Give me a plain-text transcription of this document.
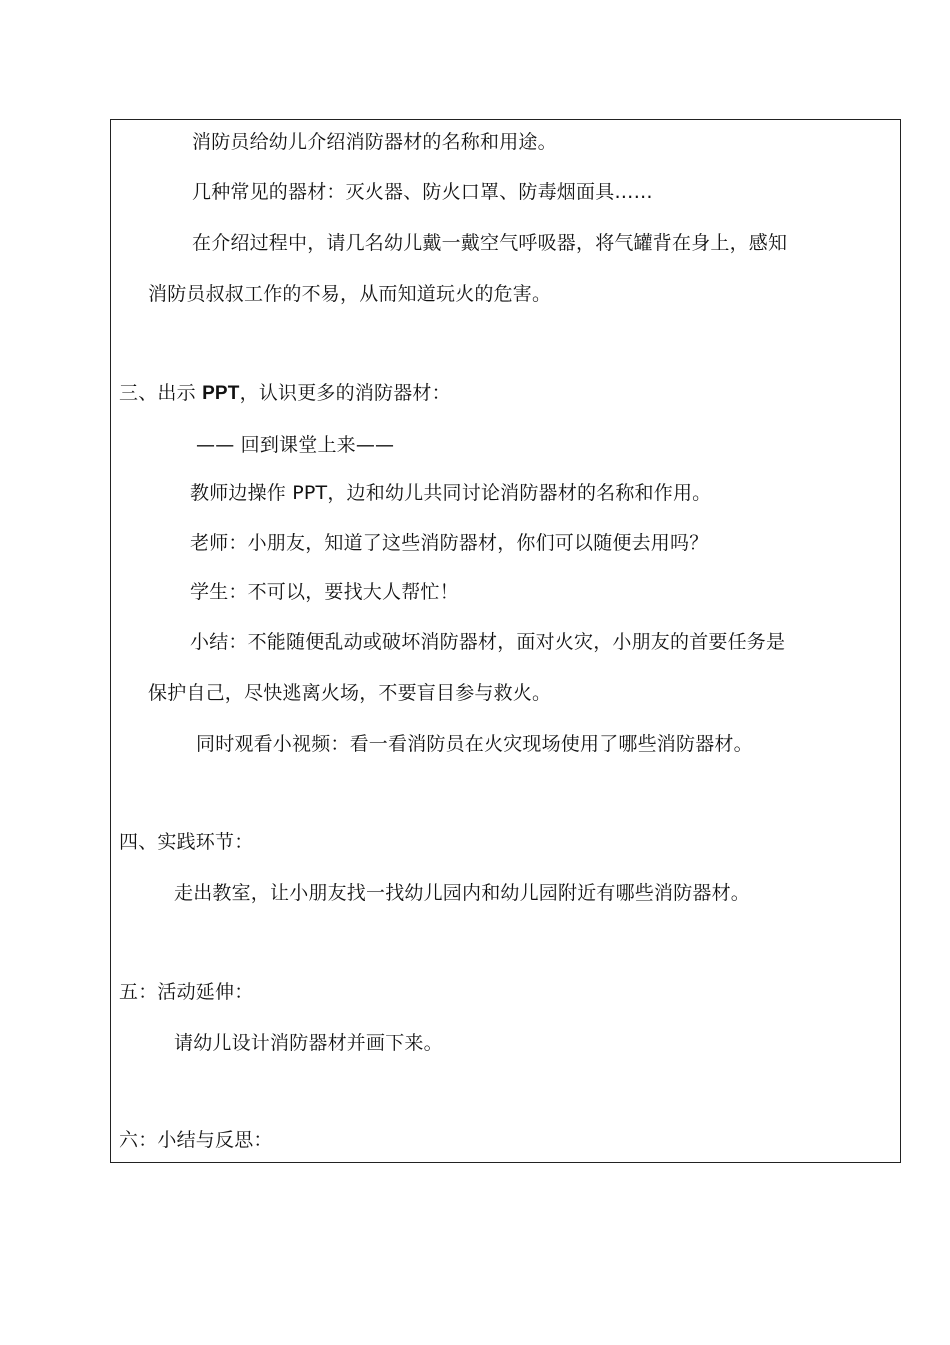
消防员给幼儿介绍消防器材的名称和用途。
几种常见的器材：灭火器、防火口罩、防毒烟面具……
在介绍过程中，请几名幼儿戴一戴空气呼吸器，将气罐背在身上，感知
消防员叔叔工作的不易，从而知道玩火的危害。
三、出示 PPT，认识更多的消防器材：
—— 回到课堂上来——
教师边操作 PPT，边和幼儿共同讨论消防器材的名称和作用。
老师：小朋友，知道了这些消防器材，你们可以随便去用吗？
学生：不可以，要找大人帮忙！
小结：不能随便乱动或破坏消防器材，面对火灾，小朋友的首要任务是
保护自己，尽快逃离火场，不要盲目参与救火。
同时观看小视频：看一看消防员在火灾现场使用了哪些消防器材。
四、实践环节：
走出教室，让小朋友找一找幼儿园内和幼儿园附近有哪些消防器材。
五：活动延伸：
请幼儿设计消防器材并画下来。
六：小结与反思：
